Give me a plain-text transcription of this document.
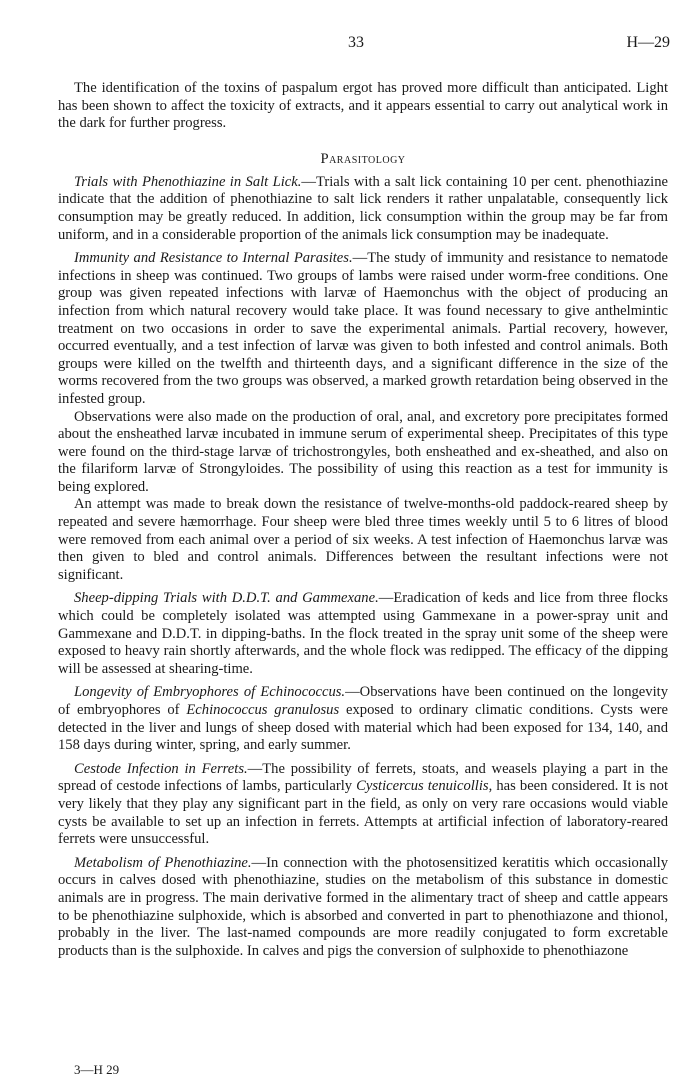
33	H—29

The identification of the toxins of paspalum ergot has proved more difficult than anticipated. Light has been shown to affect the toxicity of extracts, and it appears essential to carry out analytical work in the dark for further progress.

Parasitology

Trials with Phenothiazine in Salt Lick.—Trials with a salt lick containing 10 per cent. phenothiazine indicate that the addition of phenothiazine to salt lick renders it rather unpalatable, consequently lick consumption may be greatly reduced. In addition, lick consumption within the group may be far from uniform, and in a considerable proportion of the animals lick consumption may be inadequate.

Immunity and Resistance to Internal Parasites.—The study of immunity and resistance to nematode infections in sheep was continued. Two groups of lambs were raised under worm-free conditions. One group was given repeated infections with larvæ of Haemonchus with the object of producing an infection from which natural recovery would take place. It was found necessary to give anthelmintic treatment on two occasions in order to save the experimental animals. Partial recovery, however, occurred eventually, and a test infection of larvæ was given to both infested and control animals. Both groups were killed on the twelfth and thirteenth days, and a significant difference in the size of the worms recovered from the two groups was observed, a marked growth retardation being observed in the infested group.

Observations were also made on the production of oral, anal, and excretory pore precipitates formed about the ensheathed larvæ incubated in immune serum of experimental sheep. Precipitates of this type were found on the third-stage larvæ of trichostrongyles, both ensheathed and ex-sheathed, and also on the filariform larvæ of Strongyloides. The possibility of using this reaction as a test for immunity is being explored.

An attempt was made to break down the resistance of twelve-months-old paddock-reared sheep by repeated and severe hæmorrhage. Four sheep were bled three times weekly until 5 to 6 litres of blood were removed from each animal over a period of six weeks. A test infection of Haemonchus larvæ was then given to bled and control animals. Differences between the resultant infections were not significant.

Sheep-dipping Trials with D.D.T. and Gammexane.—Eradication of keds and lice from three flocks which could be completely isolated was attempted using Gammexane in a power-spray unit and Gammexane and D.D.T. in dipping-baths. In the flock treated in the spray unit some of the sheep were exposed to heavy rain shortly afterwards, and the whole flock was redipped. The efficacy of the dipping will be assessed at shearing-time.

Longevity of Embryophores of Echinococcus.—Observations have been continued on the longevity of embryophores of Echinococcus granulosus exposed to ordinary climatic conditions. Cysts were detected in the liver and lungs of sheep dosed with material which had been exposed for 134, 140, and 158 days during winter, spring, and early summer.

Cestode Infection in Ferrets.—The possibility of ferrets, stoats, and weasels playing a part in the spread of cestode infections of lambs, particularly Cysticercus tenuicollis, has been considered. It is not very likely that they play any significant part in the field, as only on very rare occasions would viable cysts be available to set up an infection in ferrets. Attempts at artificial infection of laboratory-reared ferrets were unsuccessful.

Metabolism of Phenothiazine.—In connection with the photosensitized keratitis which occasionally occurs in calves dosed with phenothiazine, studies on the metabolism of this substance in domestic animals are in progress. The main derivative formed in the alimentary tract of sheep and cattle appears to be phenothiazine sulphoxide, which is absorbed and converted in part to phenothiazone and thionol, probably in the liver. The last-named compounds are more readily conjugated to form excretable products than is the sulphoxide. In calves and pigs the conversion of sulphoxide to phenothiazone

3—H 29
